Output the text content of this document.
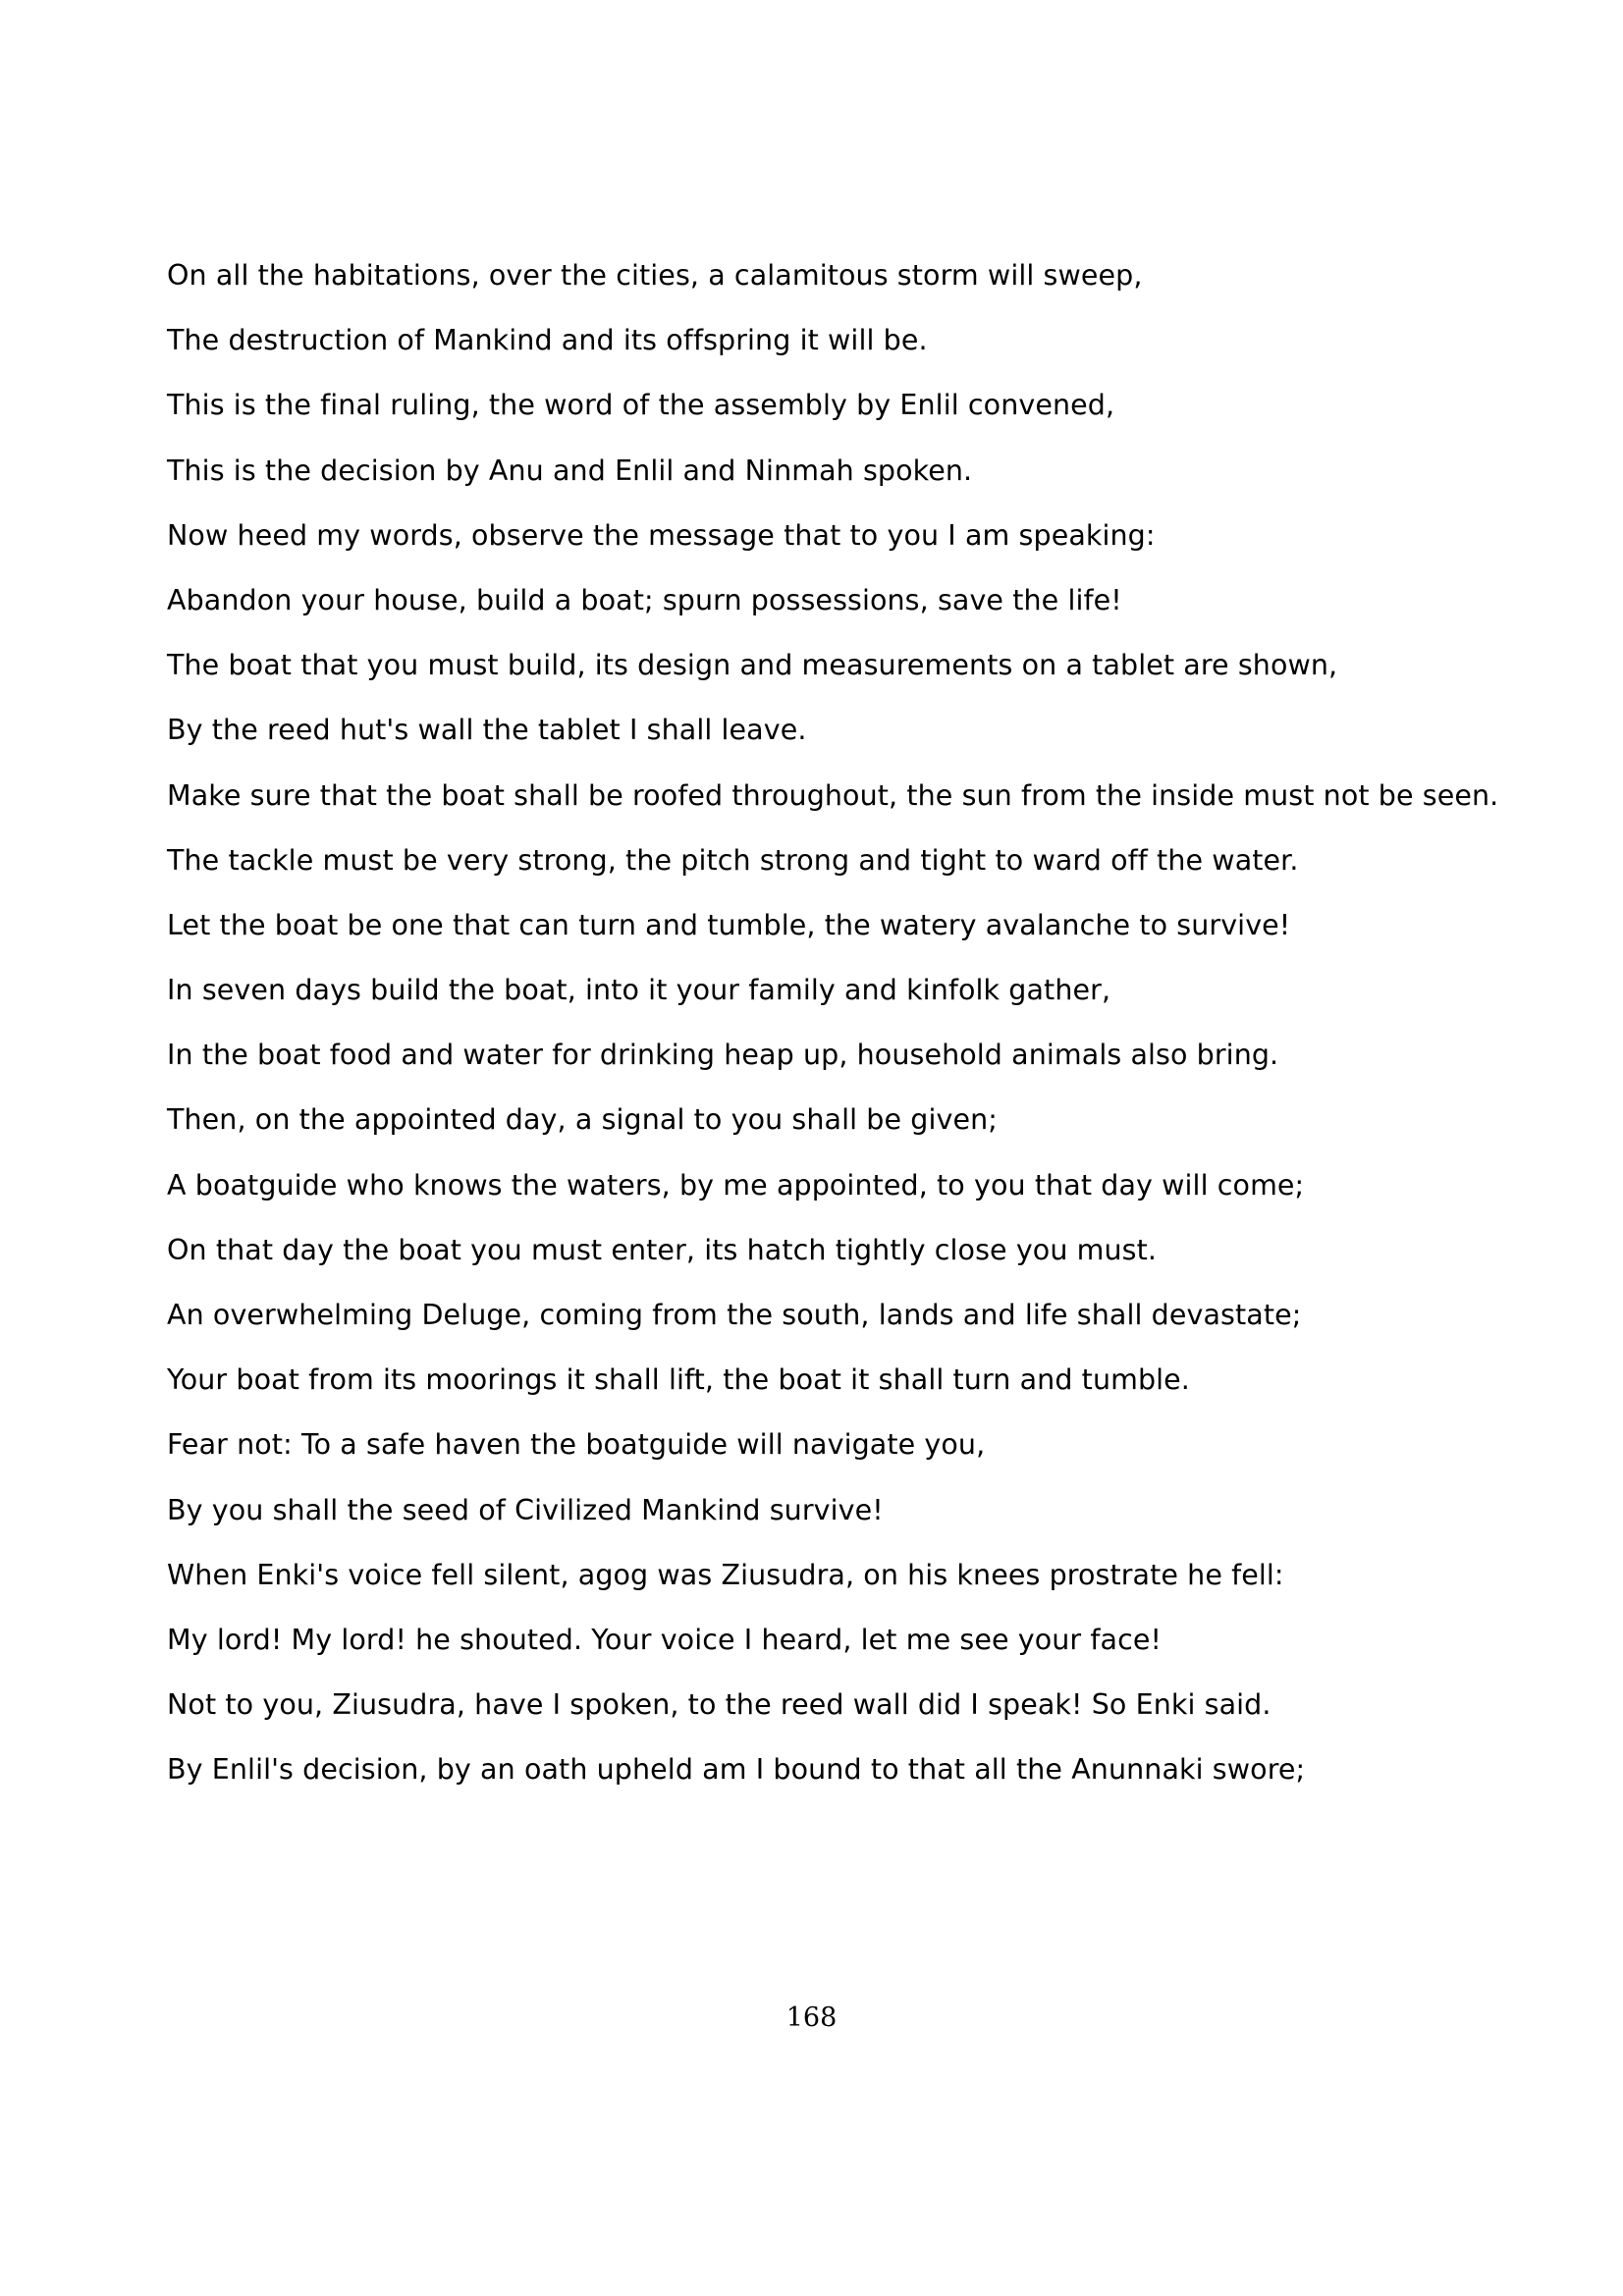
On all the habitations, over the cities, a calamitous storm will sweep,
The destruction of Mankind and its offspring it will be.
This is the final ruling, the word of the assembly by Enlil convened,
This is the decision by Anu and Enlil and Ninmah spoken.
Now heed my words, observe the message that to you I am speaking:
Abandon your house, build a boat; spurn possessions, save the life!
The boat that you must build, its design and measurements on a tablet are shown,
By the reed hut's wall the tablet I shall leave.
Make sure that the boat shall be roofed throughout, the sun from the inside must not be seen.
The tackle must be very strong, the pitch strong and tight to ward off the water.
Let the boat be one that can turn and tumble, the watery avalanche to survive!
In seven days build the boat, into it your family and kinfolk gather,
In the boat food and water for drinking heap up, household animals also bring.
Then, on the appointed day, a signal to you shall be given;
A boatguide who knows the waters, by me appointed, to you that day will come;
On that day the boat you must enter, its hatch tightly close you must.
An overwhelming Deluge, coming from the south, lands and life shall devastate;
Your boat from its moorings it shall lift, the boat it shall turn and tumble.
Fear not: To a safe haven the boatguide will navigate you,
By you shall the seed of Civilized Mankind survive!
When Enki's voice fell silent, agog was Ziusudra, on his knees prostrate he fell:
My lord! My lord! he shouted. Your voice I heard, let me see your face!
Not to you, Ziusudra, have I spoken, to the reed wall did I speak! So Enki said.
By Enlil's decision, by an oath upheld am I bound to that all the Anunnaki swore;
168
